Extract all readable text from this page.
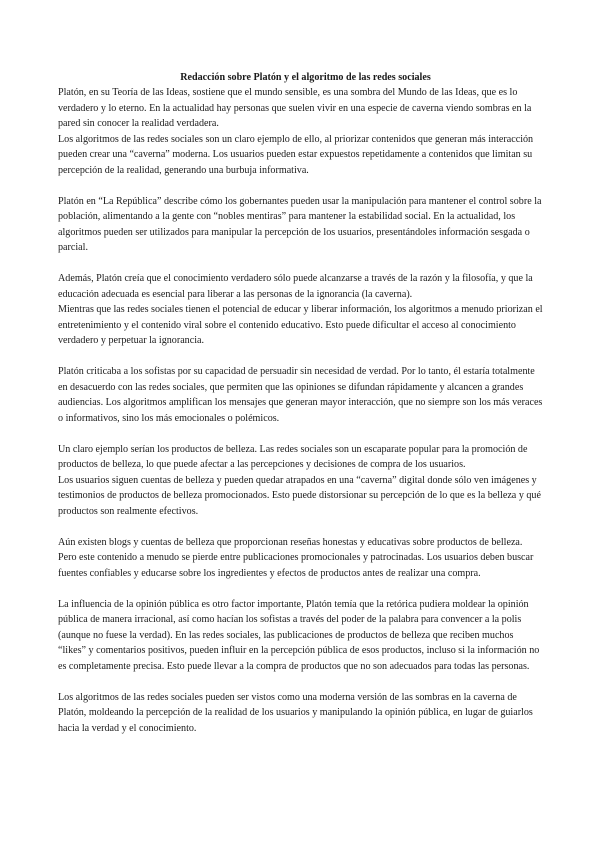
Redacción sobre Platón y el algoritmo de las redes sociales

Platón, en su Teoría de las Ideas, sostiene que el mundo sensible, es una sombra del Mundo de las Ideas, que es lo verdadero y lo eterno. En la actualidad hay personas que suelen vivir en una especie de caverna viendo sombras en la pared sin conocer la realidad verdadera.

Los algoritmos de las redes sociales son un claro ejemplo de ello, al priorizar contenidos que generan más interacción pueden crear una “caverna” moderna. Los usuarios pueden estar expuestos repetidamente a contenidos que limitan su percepción de la realidad, generando una burbuja informativa.

Platón en “La República” describe cómo los gobernantes pueden usar la manipulación para mantener el control sobre la población, alimentando a la gente con “nobles mentiras” para mantener la estabilidad social. En la actualidad, los algoritmos pueden ser utilizados para manipular la percepción de los usuarios, presentándoles información sesgada o parcial.

Además, Platón creía que el conocimiento verdadero sólo puede alcanzarse a través de la razón y la filosofía, y que la educación adecuada es esencial para liberar a las personas de la ignorancia (la caverna).

Mientras que las redes sociales tienen el potencial de educar y liberar información, los algoritmos a menudo priorizan el entretenimiento y el contenido viral sobre el contenido educativo. Esto puede dificultar el acceso al conocimiento verdadero y perpetuar la ignorancia.

Platón criticaba a los sofistas por su capacidad de persuadir sin necesidad de verdad. Por lo tanto, él estaría totalmente en desacuerdo con las redes sociales, que permiten que las opiniones se difundan rápidamente y alcancen a grandes audiencias. Los algoritmos amplifican los mensajes que generan mayor interacción, que no siempre son los más veraces o informativos, sino los más emocionales o polémicos.

Un claro ejemplo serían los productos de belleza. Las redes sociales son un escaparate popular para la promoción de productos de belleza, lo que puede afectar a las percepciones y decisiones de compra de los usuarios.

Los usuarios siguen cuentas de belleza y pueden quedar atrapados en una “caverna” digital donde sólo ven imágenes y testimonios de productos de belleza promocionados. Esto puede distorsionar su percepción de lo que es la belleza y qué productos son realmente efectivos.

Aún existen blogs y cuentas de belleza que proporcionan reseñas honestas y educativas sobre productos de belleza. Pero este contenido a menudo se pierde entre publicaciones promocionales y patrocinadas. Los usuarios deben buscar fuentes confiables y educarse sobre los ingredientes y efectos de productos antes de realizar una compra.

La influencia de la opinión pública es otro factor importante, Platón temía que la retórica pudiera moldear la opinión pública de manera irracional, así como hacían los sofistas a través del poder de la palabra para convencer a la polis (aunque no fuese la verdad). En las redes sociales, las publicaciones de productos de belleza que reciben muchos “likes” y comentarios positivos, pueden influir en la percepción pública de esos productos, incluso si la información no es completamente precisa. Esto puede llevar a la compra de productos que no son adecuados para todas las personas.

Los algoritmos de las redes sociales pueden ser vistos como una moderna versión de las sombras en la caverna de Platón, moldeando la percepción de la realidad de los usuarios y manipulando la opinión pública, en lugar de guiarlos hacia la verdad y el conocimiento.
